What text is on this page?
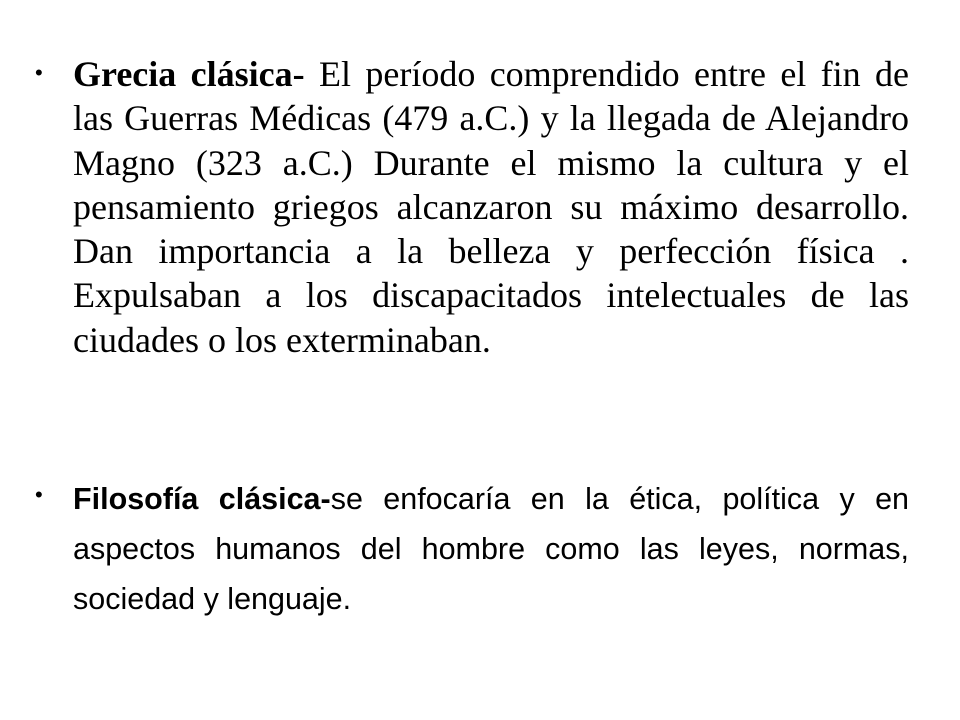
• Grecia clásica- El período comprendido entre el fin de las Guerras Médicas (479 a.C.) y la llegada de Alejandro Magno (323 a.C.) Durante el mismo la cultura y el pensamiento griegos alcanzaron su máximo desarrollo. Dan importancia a la belleza y perfección física . Expulsaban a los discapacitados intelectuales de las ciudades o los exterminaban.
• Filosofía clásica-se enfocaría en la ética, política y en aspectos humanos del hombre como las leyes, normas, sociedad y lenguaje.
